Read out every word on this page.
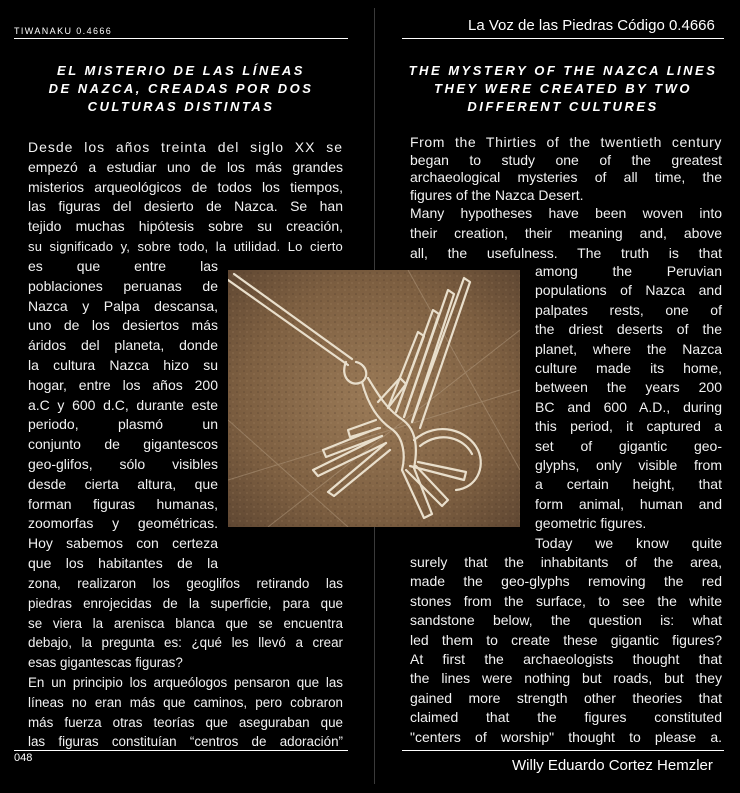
TIWANAKU 0.4666	La Voz de las Piedras Código 0.4666
EL MISTERIO DE LAS LÍNEAS
DE NAZCA, CREADAS POR DOS
CULTURAS DISTINTAS
THE MYSTERY OF THE NAZCA LINES
THEY WERE CREATED BY TWO
DIFFERENT CULTURES

Desde los años treinta del siglo XX se

empezó a estudiar uno de los más grandes

misterios arqueológicos de todos los tiempos,

las figuras del desierto de Nazca. Se han

tejido muchas hipótesis sobre su creación,

su significado y, sobre todo, la utilidad. Lo cierto

es que entre las

poblaciones peruanas de

Nazca y Palpa descansa,

uno de los desiertos más

áridos del planeta, donde

la cultura Nazca hizo su

hogar, entre los años 200

a.C y 600 d.C, durante este

periodo, plasmó un

conjunto de gigantescos

geo-glifos, sólo visibles

desde cierta altura, que

forman figuras humanas,

zoomorfas y geométricas.

Hoy sabemos con certeza

que los habitantes de la

zona, realizaron los geoglifos retirando las

piedras enrojecidas de la superficie, para que

se viera la arenisca blanca que se encuentra

debajo, la pregunta es: ¿qué les llevó a crear

esas gigantescas figuras?

En un principio los arqueólogos pensaron que las

líneas no eran más que caminos, pero cobraron

más fuerza otras teorías que aseguraban que

las figuras constituían “centros de adoración”

From the Thirties of the twentieth century

began to study one of the greatest

archaeological mysteries of all time, the

figures of the Nazca Desert.

Many hypotheses have been woven into

their creation, their meaning and, above

all, the usefulness. The truth is that

among the Peruvian

populations of Nazca and

palpates rests, one of

the driest deserts of the

planet, where the Nazca

culture made its home,

between the years 200

BC and 600 A.D., during

this period, it captured a

set of gigantic geo-

glyphs, only visible from

a certain height, that

form animal, human and

geometric figures.

Today we know quite

surely that the inhabitants of the area,

made the geo-glyphs removing the red

stones from the surface, to see the white

sandstone below, the question is: what

led them to create these gigantic figures?

At first the archaeologists thought that

the lines were nothing but roads, but they

gained more strength other theories that

claimed that the figures constituted

"centers of worship" thought to please a.

048	Willy Eduardo Cortez Hemzler
